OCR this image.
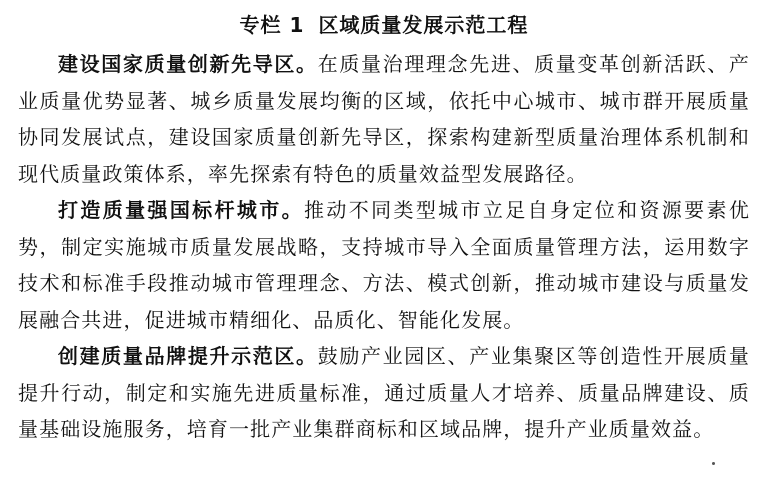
专栏 1 区域质量发展示范工程

建设国家质量创新先导区。在质量治理理念先进、质量变革创新活跃、产业质量优势显著、城乡质量发展均衡的区域，依托中心城市、城市群开展质量协同发展试点，建设国家质量创新先导区，探索构建新型质量治理体系机制和现代质量政策体系，率先探索有特色的质量效益型发展路径。

打造质量强国标杆城市。推动不同类型城市立足自身定位和资源要素优势，制定实施城市质量发展战略，支持城市导入全面质量管理方法，运用数字技术和标准手段推动城市管理理念、方法、模式创新，推动城市建设与质量发展融合共进，促进城市精细化、品质化、智能化发展。

创建质量品牌提升示范区。鼓励产业园区、产业集聚区等创造性开展质量提升行动，制定和实施先进质量标准，通过质量人才培养、质量品牌建设、质量基础设施服务，培育一批产业集群商标和区域品牌，提升产业质量效益。
